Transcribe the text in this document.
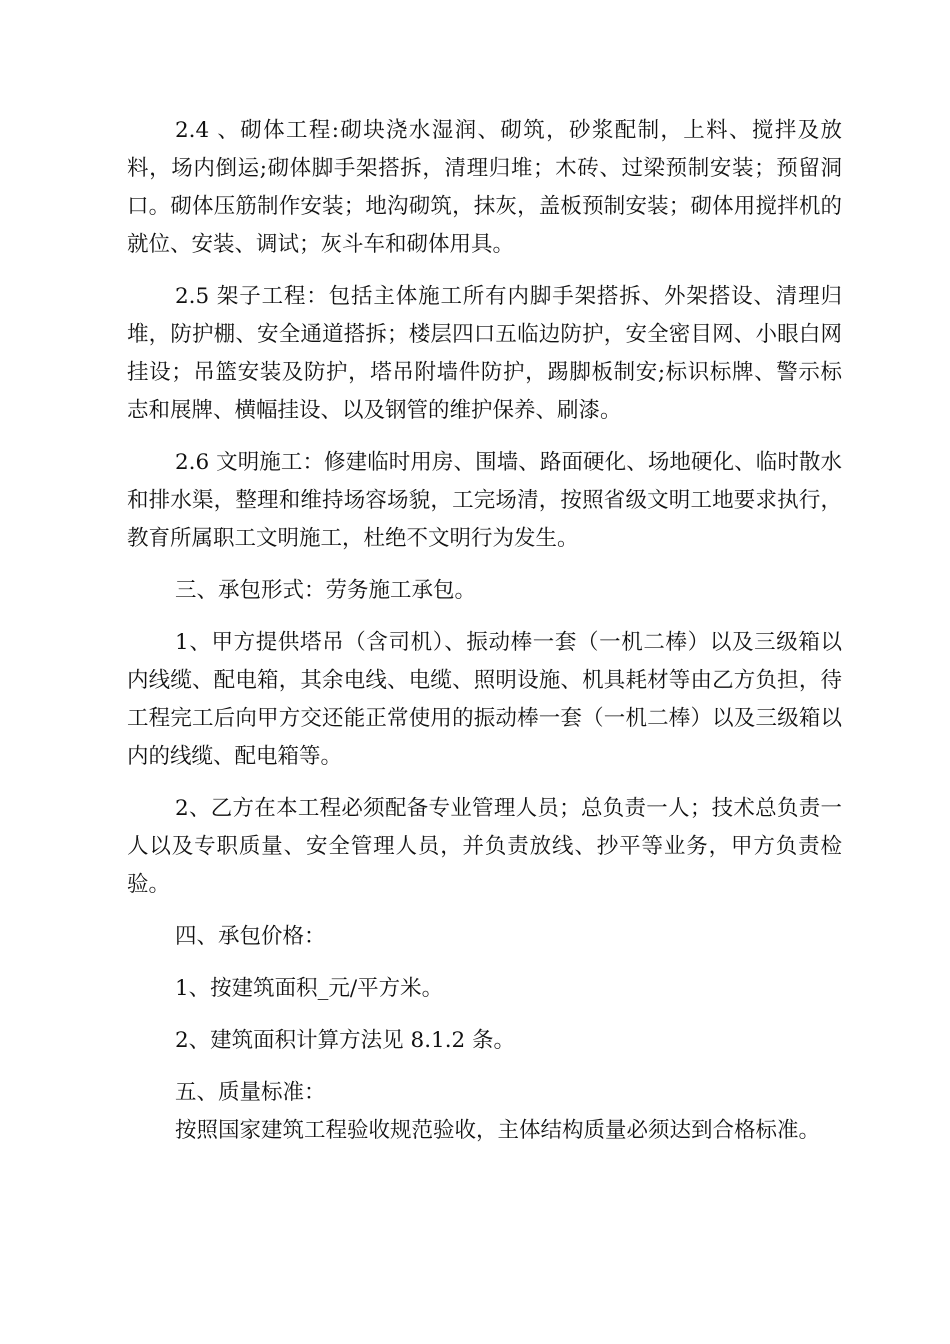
2.4 、砌体工程:砌块浇水湿润、砌筑，砂浆配制，上料、搅拌及放料，场内倒运;砌体脚手架搭拆，清理归堆；木砖、过梁预制安装；预留洞口。砌体压筋制作安装；地沟砌筑，抹灰，盖板预制安装；砌体用搅拌机的就位、安装、调试；灰斗车和砌体用具。

2.5 架子工程：包括主体施工所有内脚手架搭拆、外架搭设、清理归堆，防护棚、安全通道搭拆；楼层四口五临边防护，安全密目网、小眼白网挂设；吊篮安装及防护，塔吊附墙件防护，踢脚板制安;标识标牌、警示标志和展牌、横幅挂设、以及钢管的维护保养、刷漆。

2.6 文明施工：修建临时用房、围墙、路面硬化、场地硬化、临时散水和排水渠，整理和维持场容场貌，工完场清，按照省级文明工地要求执行，教育所属职工文明施工，杜绝不文明行为发生。

三、承包形式：劳务施工承包。

1、甲方提供塔吊（含司机）、振动棒一套（一机二棒）以及三级箱以内线缆、配电箱，其余电线、电缆、照明设施、机具耗材等由乙方负担，待工程完工后向甲方交还能正常使用的振动棒一套（一机二棒）以及三级箱以内的线缆、配电箱等。

2、乙方在本工程必须配备专业管理人员；总负责一人；技术总负责一人以及专职质量、安全管理人员，并负责放线、抄平等业务，甲方负责检验。

四、承包价格：

1、按建筑面积_元/平方米。

2、建筑面积计算方法见 8.1.2 条。

五、质量标准：

按照国家建筑工程验收规范验收，主体结构质量必须达到合格标准。
